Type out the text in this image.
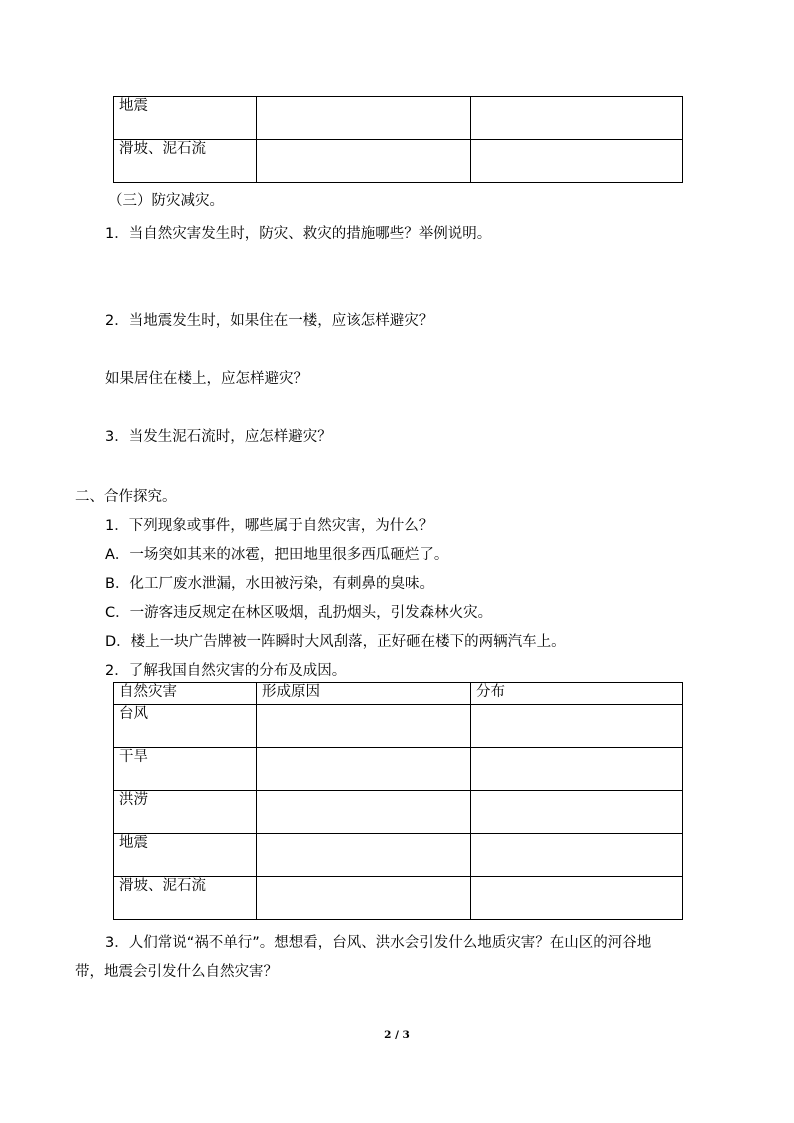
地震		
滑坡、泥石流		
（三）防灾减灾。
1．当自然灾害发生时，防灾、救灾的措施哪些？举例说明。
2．当地震发生时，如果住在一楼，应该怎样避灾？
如果居住在楼上，应怎样避灾？
3．当发生泥石流时，应怎样避灾？
二、合作探究。
1．下列现象或事件，哪些属于自然灾害，为什么？
A．一场突如其来的冰雹，把田地里很多西瓜砸烂了。
B．化工厂废水泄漏，水田被污染，有刺鼻的臭味。
C．一游客违反规定在林区吸烟，乱扔烟头，引发森林火灾。
D．楼上一块广告牌被一阵瞬时大风刮落，正好砸在楼下的两辆汽车上。
2．了解我国自然灾害的分布及成因。
自然灾害	形成原因	分布
台风		
干旱		
洪涝		
地震		
滑坡、泥石流		
3．人们常说“祸不单行”。想想看，台风、洪水会引发什么地质灾害？在山区的河谷地
带，地震会引发什么自然灾害？
2 / 3
